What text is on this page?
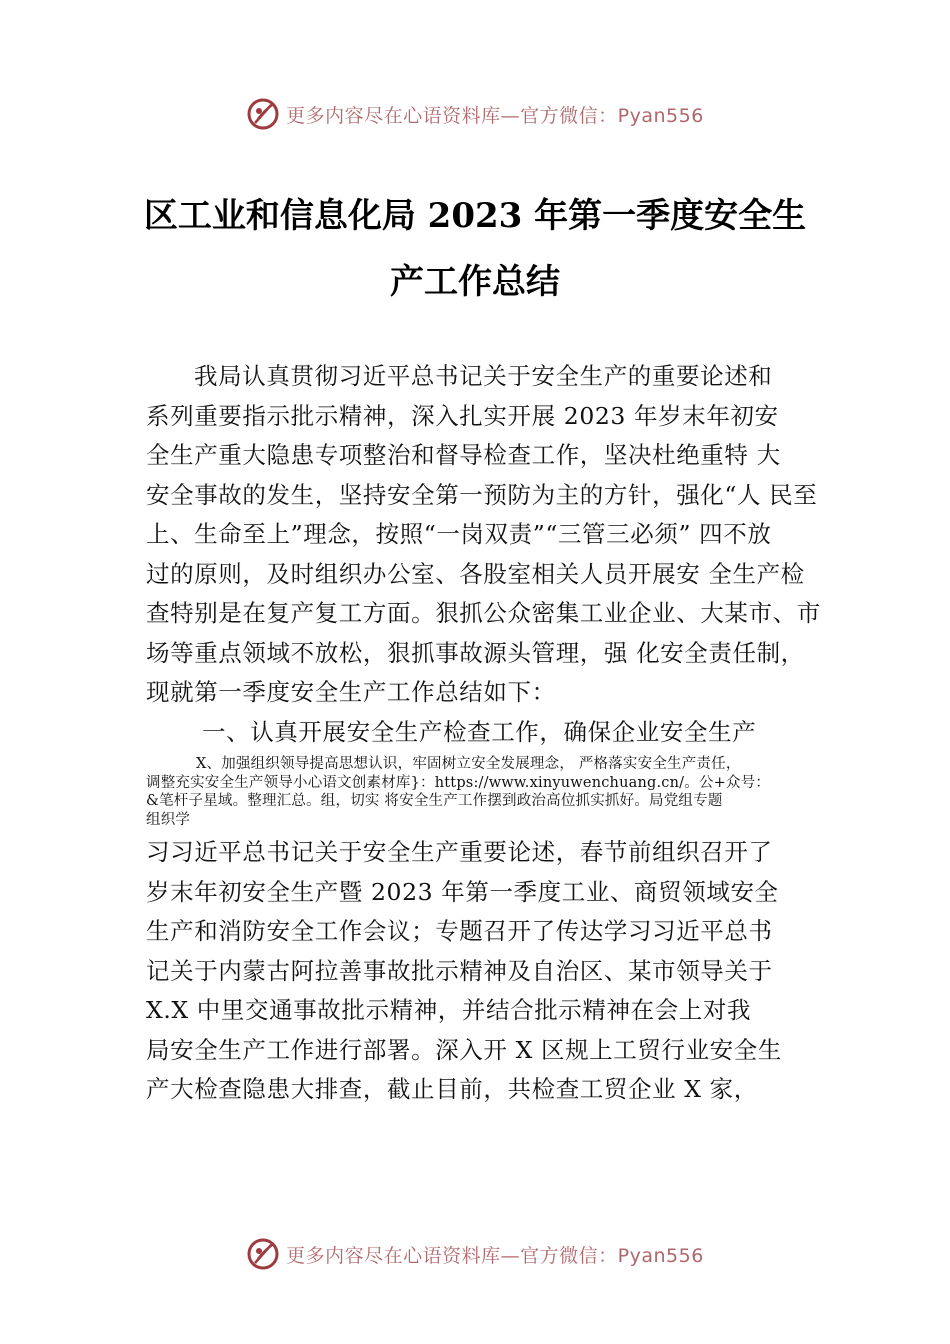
更多内容尽在心语资料库—官方微信：Pyan556
区工业和信息化局 2023 年第一季度安全生
产工作总结
我局认真贯彻习近平总书记关于安全生产的重要论述和
系列重要指示批示精神，深入扎实开展 2023 年岁末年初安
全生产重大隐患专项整治和督导检查工作，坚决杜绝重特 大
安全事故的发生，坚持安全第一预防为主的方针，强化“人 民至
上、生命至上”理念，按照“一岗双责”“三管三必须” 四不放
过的原则，及时组织办公室、各股室相关人员开展安 全生产检
查特别是在复产复工方面。狠抓公众密集工业企业、大某市、市
场等重点领域不放松，狠抓事故源头管理，强 化安全责任制，
现就第一季度安全生产工作总结如下：
一、认真开展安全生产检查工作，确保企业安全生产
X、加强组织领导提高思想认识，牢固树立安全发展理念， 严格落实安全生产责任，
调整充实安全生产领导小心语文创素材库}：https://www.xinyuwenchuang.cn/。公+众号：
&笔杆子星域。整理汇总。组，切实 将安全生产工作摆到政治高位抓实抓好。局党组专题
组织学
习习近平总书记关于安全生产重要论述，春节前组织召开了
岁末年初安全生产暨 2023 年第一季度工业、商贸领域安全
生产和消防安全工作会议；专题召开了传达学习习近平总书
记关于内蒙古阿拉善事故批示精神及自治区、某市领导关于
X.X 中里交通事故批示精神，并结合批示精神在会上对我
局安全生产工作进行部署。深入开 X 区规上工贸行业安全生
产大检查隐患大排查，截止目前，共检查工贸企业 X 家，
更多内容尽在心语资料库—官方微信：Pyan556
